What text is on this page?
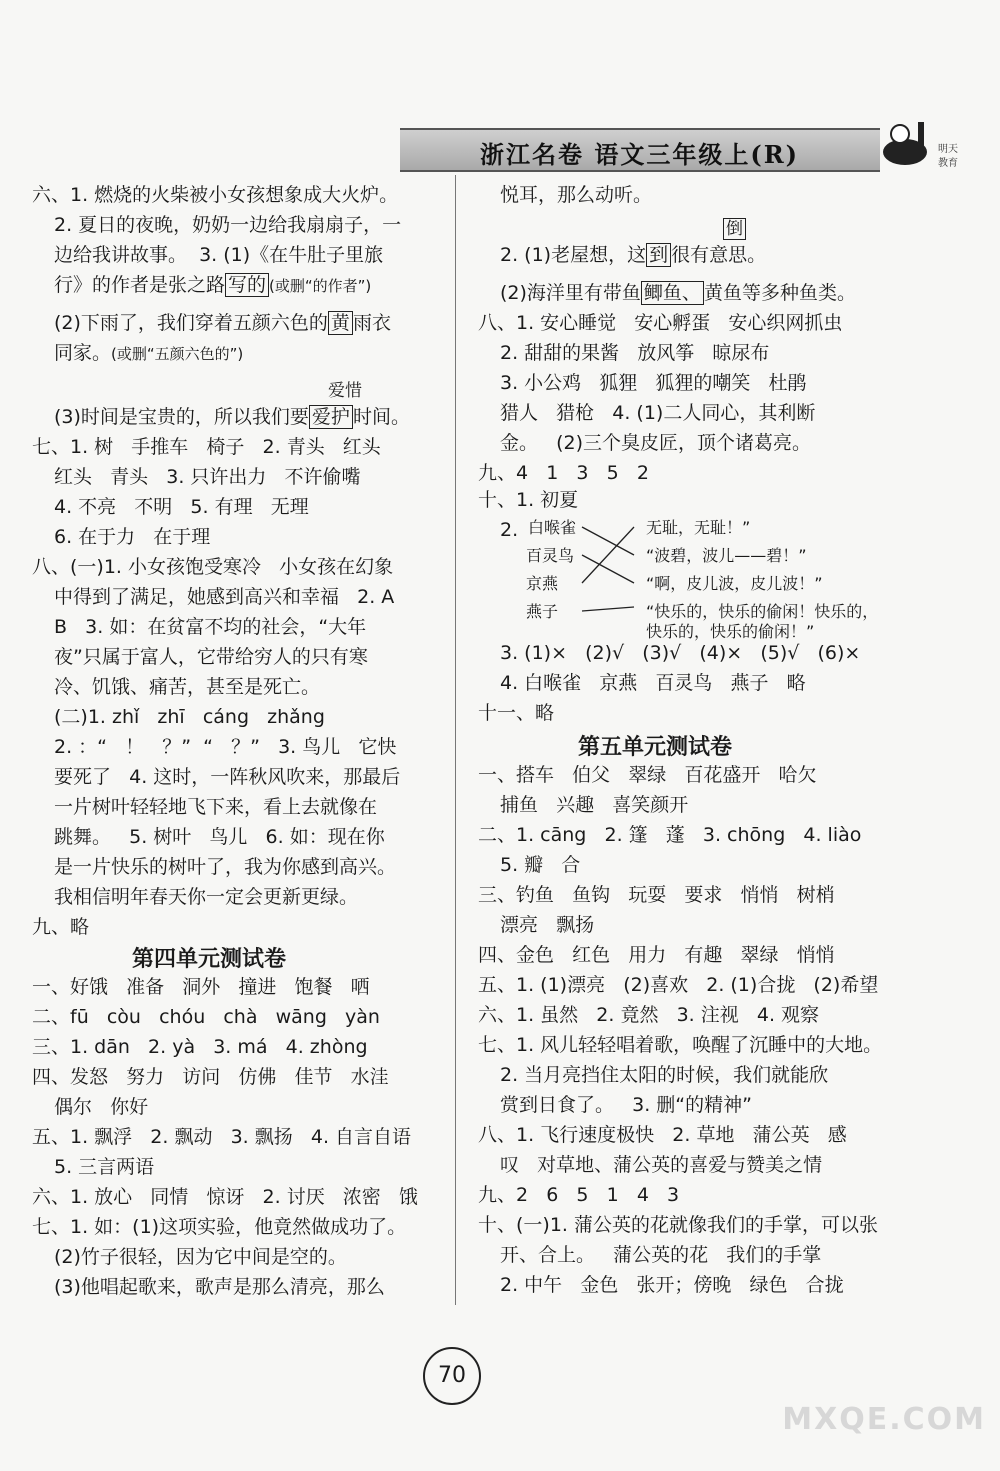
浙江名卷 语文三年级上(R)	明天
教育
六、1. 燃烧的火柴被小女孩想象成大火炉。
2. 夏日的夜晚，奶奶一边给我扇扇子，一
边给我讲故事。  3. (1)《在牛肚子里旅
行》的作者是张之路 写的 (或删“的作者”)
(2)下雨了，我们穿着五颜六色的 黄 雨衣
同家。(或删“五颜六色的”)
爱惜
(3)时间是宝贵的，所以我们要 爱护 时间。
七、1. 树   手推车   椅子   2. 青头   红头
红头   青头   3. 只许出力   不许偷嘴
4. 不亮   不明   5. 有理   无理
6. 在于力   在于理
八、(一)1. 小女孩饱受寒冷   小女孩在幻象
中得到了满足，她感到高兴和幸福   2. A
B   3. 如：在贫富不均的社会，“大年
夜”只属于富人，它带给穷人的只有寒
冷、饥饿、痛苦，甚至是死亡。
(二)1. zhǐ   zhī   cáng   zhǎng
2. ：“   ！   ？”  “   ？”   3. 鸟儿   它快
要死了   4. 这时，一阵秋风吹来，那最后
一片树叶轻轻地飞下来，看上去就像在
跳舞。   5. 树叶   鸟儿   6. 如：现在你
是一片快乐的树叶了，我为你感到高兴。
我相信明年春天你一定会更新更绿。
九、略
第四单元测试卷
一、好饿   准备   洞外   撞进   饱餐   哂
二、fū   còu   chóu   chà   wāng   yàn
三、1. dān   2. yà   3. má   4. zhòng
四、发怒   努力   访问   仿佛   佳节   水洼
偶尔   你好
五、1. 飘浮   2. 飘动   3. 飘扬   4. 自言自语
5. 三言两语
六、1. 放心   同情   惊讶   2. 讨厌   浓密   饿
七、1. 如：(1)这项实验，他竟然做成功了。
(2)竹子很轻，因为它中间是空的。
(3)他唱起歌来，歌声是那么清亮，那么
悦耳，那么动听。
倒
2. (1)老屋想，这 到 很有意思。
(2)海洋里有带鱼 鲫鱼、 黄鱼等多种鱼类。
八、1. 安心睡觉   安心孵蛋   安心织网抓虫
2. 甜甜的果酱   放风筝   晾尿布
3. 小公鸡   狐狸   狐狸的嘲笑   杜鹃
猎人   猎枪   4. (1)二人同心，其利断
金。   (2)三个臭皮匠，顶个诸葛亮。
九、4   1   3   5   2
十、1. 初夏
2. 白喉雀
百灵鸟
京燕
燕子
无耻，无耻！”
“波碧，波儿——碧！”
“啊，皮儿波，皮儿波！”
“快乐的，快乐的偷闲！快乐的，
快乐的，快乐的偷闲！”
3. (1)×   (2)√   (3)√   (4)×   (5)√   (6)×
4. 白喉雀   京燕   百灵鸟   燕子   略
十一、略
第五单元测试卷
一、搭车   伯父   翠绿   百花盛开   哈欠
捕鱼   兴趣   喜笑颜开
二、1. cāng   2. 篷   蓬   3. chōng   4. liào
5. 瓣   合
三、钓鱼   鱼钩   玩耍   要求   悄悄   树梢
漂亮   飘扬
四、金色   红色   用力   有趣   翠绿   悄悄
五、1. (1)漂亮   (2)喜欢   2. (1)合拢   (2)希望
六、1. 虽然   2. 竟然   3. 注视   4. 观察
七、1. 风儿轻轻唱着歌，唤醒了沉睡中的大地。
2. 当月亮挡住太阳的时候，我们就能欣
赏到日食了。   3. 删“的精神”
八、1. 飞行速度极快   2. 草地   蒲公英   感
叹   对草地、蒲公英的喜爱与赞美之情
九、2   6   5   1   4   3
十、(一)1. 蒲公英的花就像我们的手掌，可以张
开、合上。   蒲公英的花   我们的手掌
2. 中午   金色   张开；傍晚   绿色   合拢
70
MXQE.COM
